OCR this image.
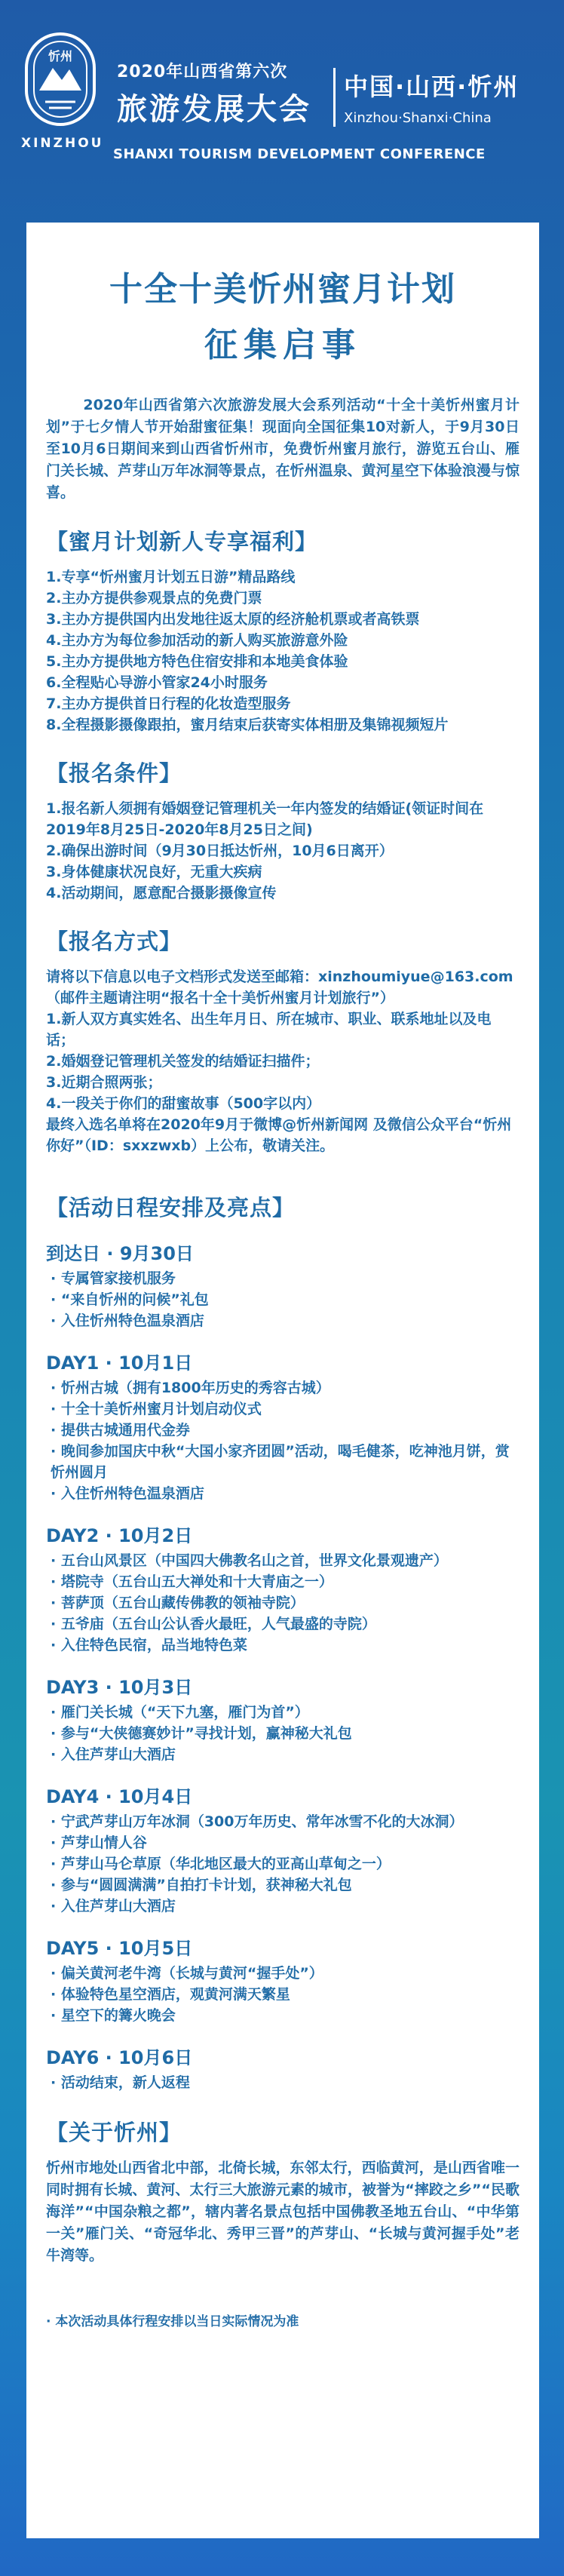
忻州
XINZHOU
2020年山西省第六次
旅游发展大会
中国·山西·忻州
Xinzhou·Shanxi·China
SHANXI TOURISM DEVELOPMENT CONFERENCE
十全十美忻州蜜月计划
征集启事
2020年山西省第六次旅游发展大会系列活动“十全十美忻州蜜月计划”于七夕情人节开始甜蜜征集！现面向全国征集10对新人，于9月30日至10月6日期间来到山西省忻州市，免费忻州蜜月旅行，游览五台山、雁门关长城、芦芽山万年冰洞等景点，在忻州温泉、黄河星空下体验浪漫与惊喜。
【蜜月计划新人专享福利】
1.专享“忻州蜜月计划五日游”精品路线
2.主办方提供参观景点的免费门票
3.主办方提供国内出发地往返太原的经济舱机票或者高铁票
4.主办方为每位参加活动的新人购买旅游意外险
5.主办方提供地方特色住宿安排和本地美食体验
6.全程贴心导游小管家24小时服务
7.主办方提供首日行程的化妆造型服务
8.全程摄影摄像跟拍，蜜月结束后获寄实体相册及集锦视频短片
【报名条件】
1.报名新人须拥有婚姻登记管理机关一年内签发的结婚证(领证时间在2019年8月25日-2020年8月25日之间)
2.确保出游时间（9月30日抵达忻州，10月6日离开）
3.身体健康状况良好，无重大疾病
4.活动期间，愿意配合摄影摄像宣传
【报名方式】
请将以下信息以电子文档形式发送至邮箱：xinzhoumiyue@163.com（邮件主题请注明“报名十全十美忻州蜜月计划旅行”）
1.新人双方真实姓名、出生年月日、所在城市、职业、联系地址以及电话；
2.婚姻登记管理机关签发的结婚证扫描件；
3.近期合照两张；
4.一段关于你们的甜蜜故事（500字以内）
最终入选名单将在2020年9月于微博@忻州新闻网 及微信公众平台“忻州你好”（ID：sxxzwxb）上公布，敬请关注。
【活动日程安排及亮点】
到达日 · 9月30日
· 专属管家接机服务
· “来自忻州的问候”礼包
· 入住忻州特色温泉酒店
DAY1 · 10月1日
· 忻州古城（拥有1800年历史的秀容古城）
· 十全十美忻州蜜月计划启动仪式
· 提供古城通用代金券
· 晚间参加国庆中秋“大国小家齐团圆”活动，喝毛健茶，吃神池月饼，赏忻州圆月
· 入住忻州特色温泉酒店
DAY2 · 10月2日
· 五台山风景区（中国四大佛教名山之首，世界文化景观遗产）
· 塔院寺（五台山五大禅处和十大青庙之一）
· 菩萨顶（五台山藏传佛教的领袖寺院）
· 五爷庙（五台山公认香火最旺，人气最盛的寺院）
· 入住特色民宿，品当地特色菜
DAY3 · 10月3日
· 雁门关长城（“天下九塞，雁门为首”）
· 参与“大侠德赛妙计”寻找计划，赢神秘大礼包
· 入住芦芽山大酒店
DAY4 · 10月4日
· 宁武芦芽山万年冰洞（300万年历史、常年冰雪不化的大冰洞）
· 芦芽山情人谷
· 芦芽山马仑草原（华北地区最大的亚高山草甸之一）
· 参与“圆圆满满”自拍打卡计划，获神秘大礼包
· 入住芦芽山大酒店
DAY5 · 10月5日
· 偏关黄河老牛湾（长城与黄河“握手处”）
· 体验特色星空酒店，观黄河满天繁星
· 星空下的篝火晚会
DAY6 · 10月6日
· 活动结束，新人返程
【关于忻州】
忻州市地处山西省北中部，北倚长城，东邻太行，西临黄河，是山西省唯一同时拥有长城、黄河、太行三大旅游元素的城市，被誉为“摔跤之乡”“民歌海洋”“中国杂粮之都”，辖内著名景点包括中国佛教圣地五台山、“中华第一关”雁门关、“奇冠华北、秀甲三晋”的芦芽山、“长城与黄河握手处”老牛湾等。
· 本次活动具体行程安排以当日实际情况为准
